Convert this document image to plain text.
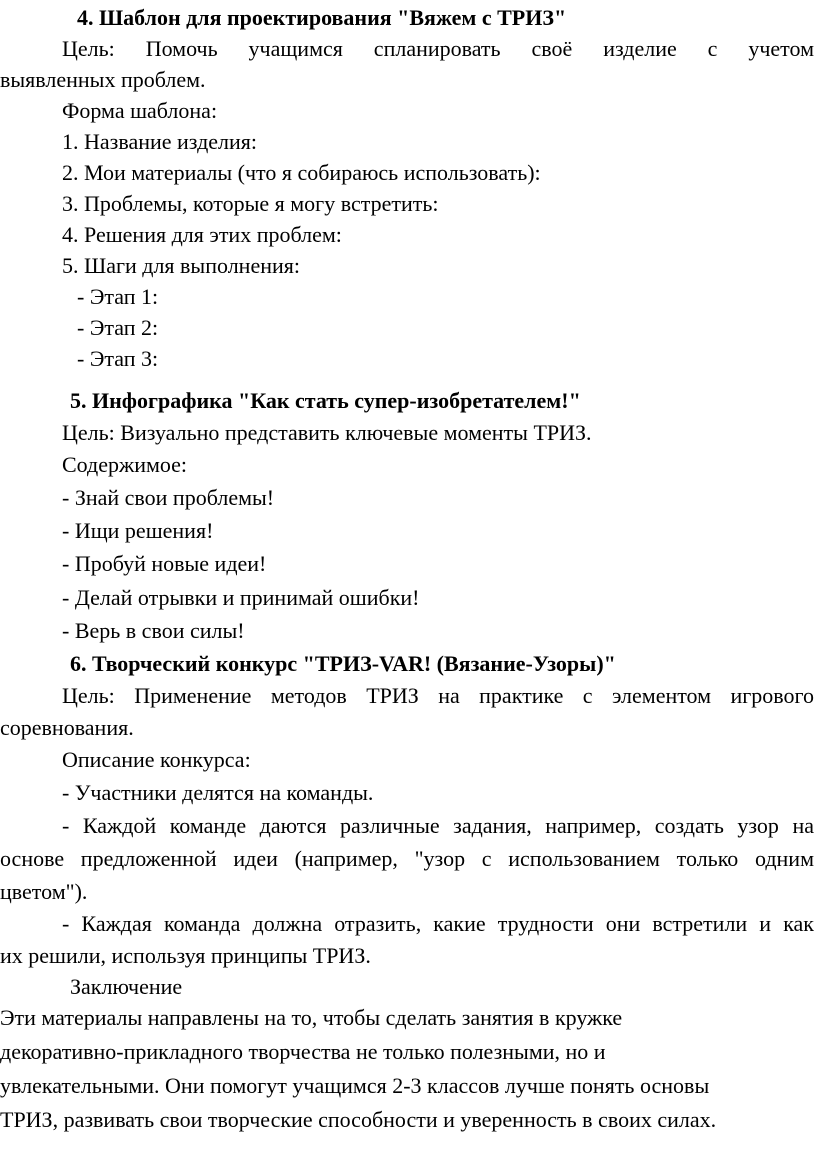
4. Шаблон для проектирования "Вяжем с ТРИЗ"

Цель: Помочь учащимся спланировать своё изделие с учетом

выявленных проблем.

Форма шаблона:

1. Название изделия:

2. Мои материалы (что я собираюсь использовать):

3. Проблемы, которые я могу встретить:

4. Решения для этих проблем:

5. Шаги для выполнения:

- Этап 1:

- Этап 2:

- Этап 3:

5. Инфографика "Как стать супер-изобретателем!"

Цель: Визуально представить ключевые моменты ТРИЗ.

Содержимое:

- Знай свои проблемы!

- Ищи решения!

- Пробуй новые идеи!

- Делай отрывки и принимай ошибки!

- Верь в свои силы!

6. Творческий конкурс "ТРИЗ-VAR! (Вязание-Узоры)"

Цель: Применение методов ТРИЗ на практике с элементом игрового

соревнования.

Описание конкурса:

- Участники делятся на команды.

- Каждой команде даются различные задания, например, создать узор на

основе предложенной идеи (например, "узор с использованием только одним

цветом").

- Каждая команда должна отразить, какие трудности они встретили и как

их решили, используя принципы ТРИЗ.

Заключение

Эти материалы направлены на то, чтобы сделать занятия в кружке

декоративно-прикладного творчества не только полезными, но и

увлекательными. Они помогут учащимся 2-3 классов лучше понять основы

ТРИЗ, развивать свои творческие способности и уверенность в своих силах.
